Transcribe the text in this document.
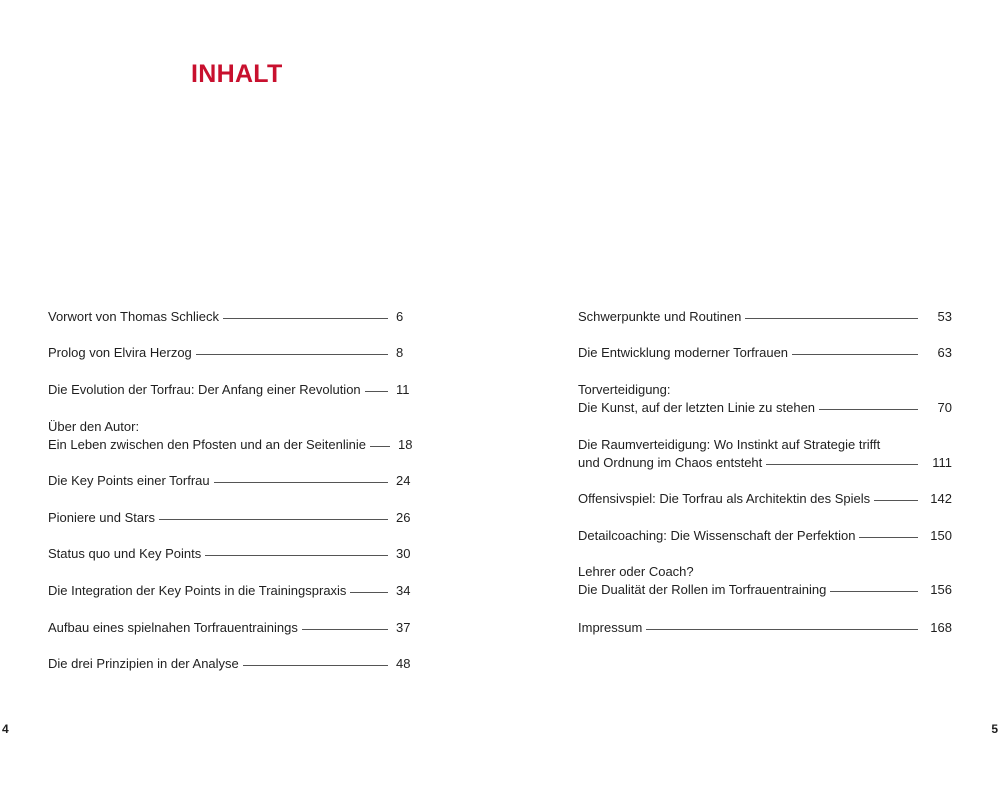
INHALT
Vorwort von Thomas Schlieck	6
Prolog von Elvira Herzog	8
Die Evolution der Torfrau: Der Anfang einer Revolution	11
Über den Autor:
Ein Leben zwischen den Pfosten und an der Seitenlinie 18
Die Key Points einer Torfrau	24
Pioniere und Stars	26
Status quo und Key Points	30
Die Integration der Key Points in die Trainingspraxis	34
Aufbau eines spielnahen Torfrauentrainings	37
Die drei Prinzipien in der Analyse	48
Schwerpunkte und Routinen	53
Die Entwicklung moderner Torfrauen	63
Torverteidigung:
Die Kunst, auf der letzten Linie zu stehen	70
Die Raumverteidigung: Wo Instinkt auf Strategie trifft
und Ordnung im Chaos entsteht	111
Offensivspiel: Die Torfrau als Architektin des Spiels	142
Detailcoaching: Die Wissenschaft der Perfektion	150
Lehrer oder Coach?
Die Dualität der Rollen im Torfrauentraining	156
Impressum	168
4	5
